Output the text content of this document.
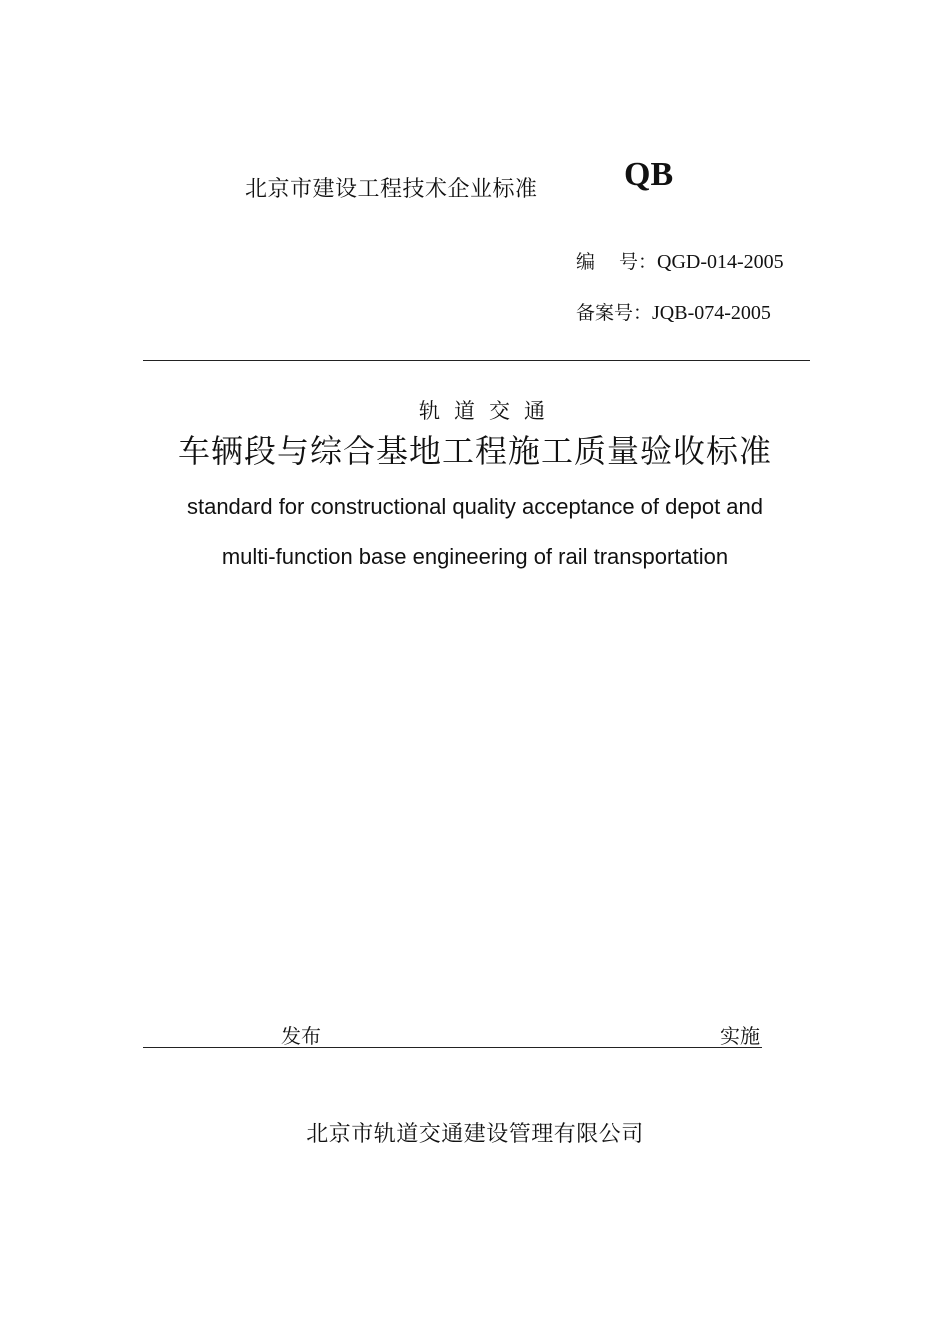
北京市建设工程技术企业标准	QB
编 号：QGD-014-2005
备案号：JQB-074-2005
轨道交通
车辆段与综合基地工程施工质量验收标准
standard for constructional quality acceptance of depot and
multi-function base engineering of rail transportation
发布	实施
北京市轨道交通建设管理有限公司
